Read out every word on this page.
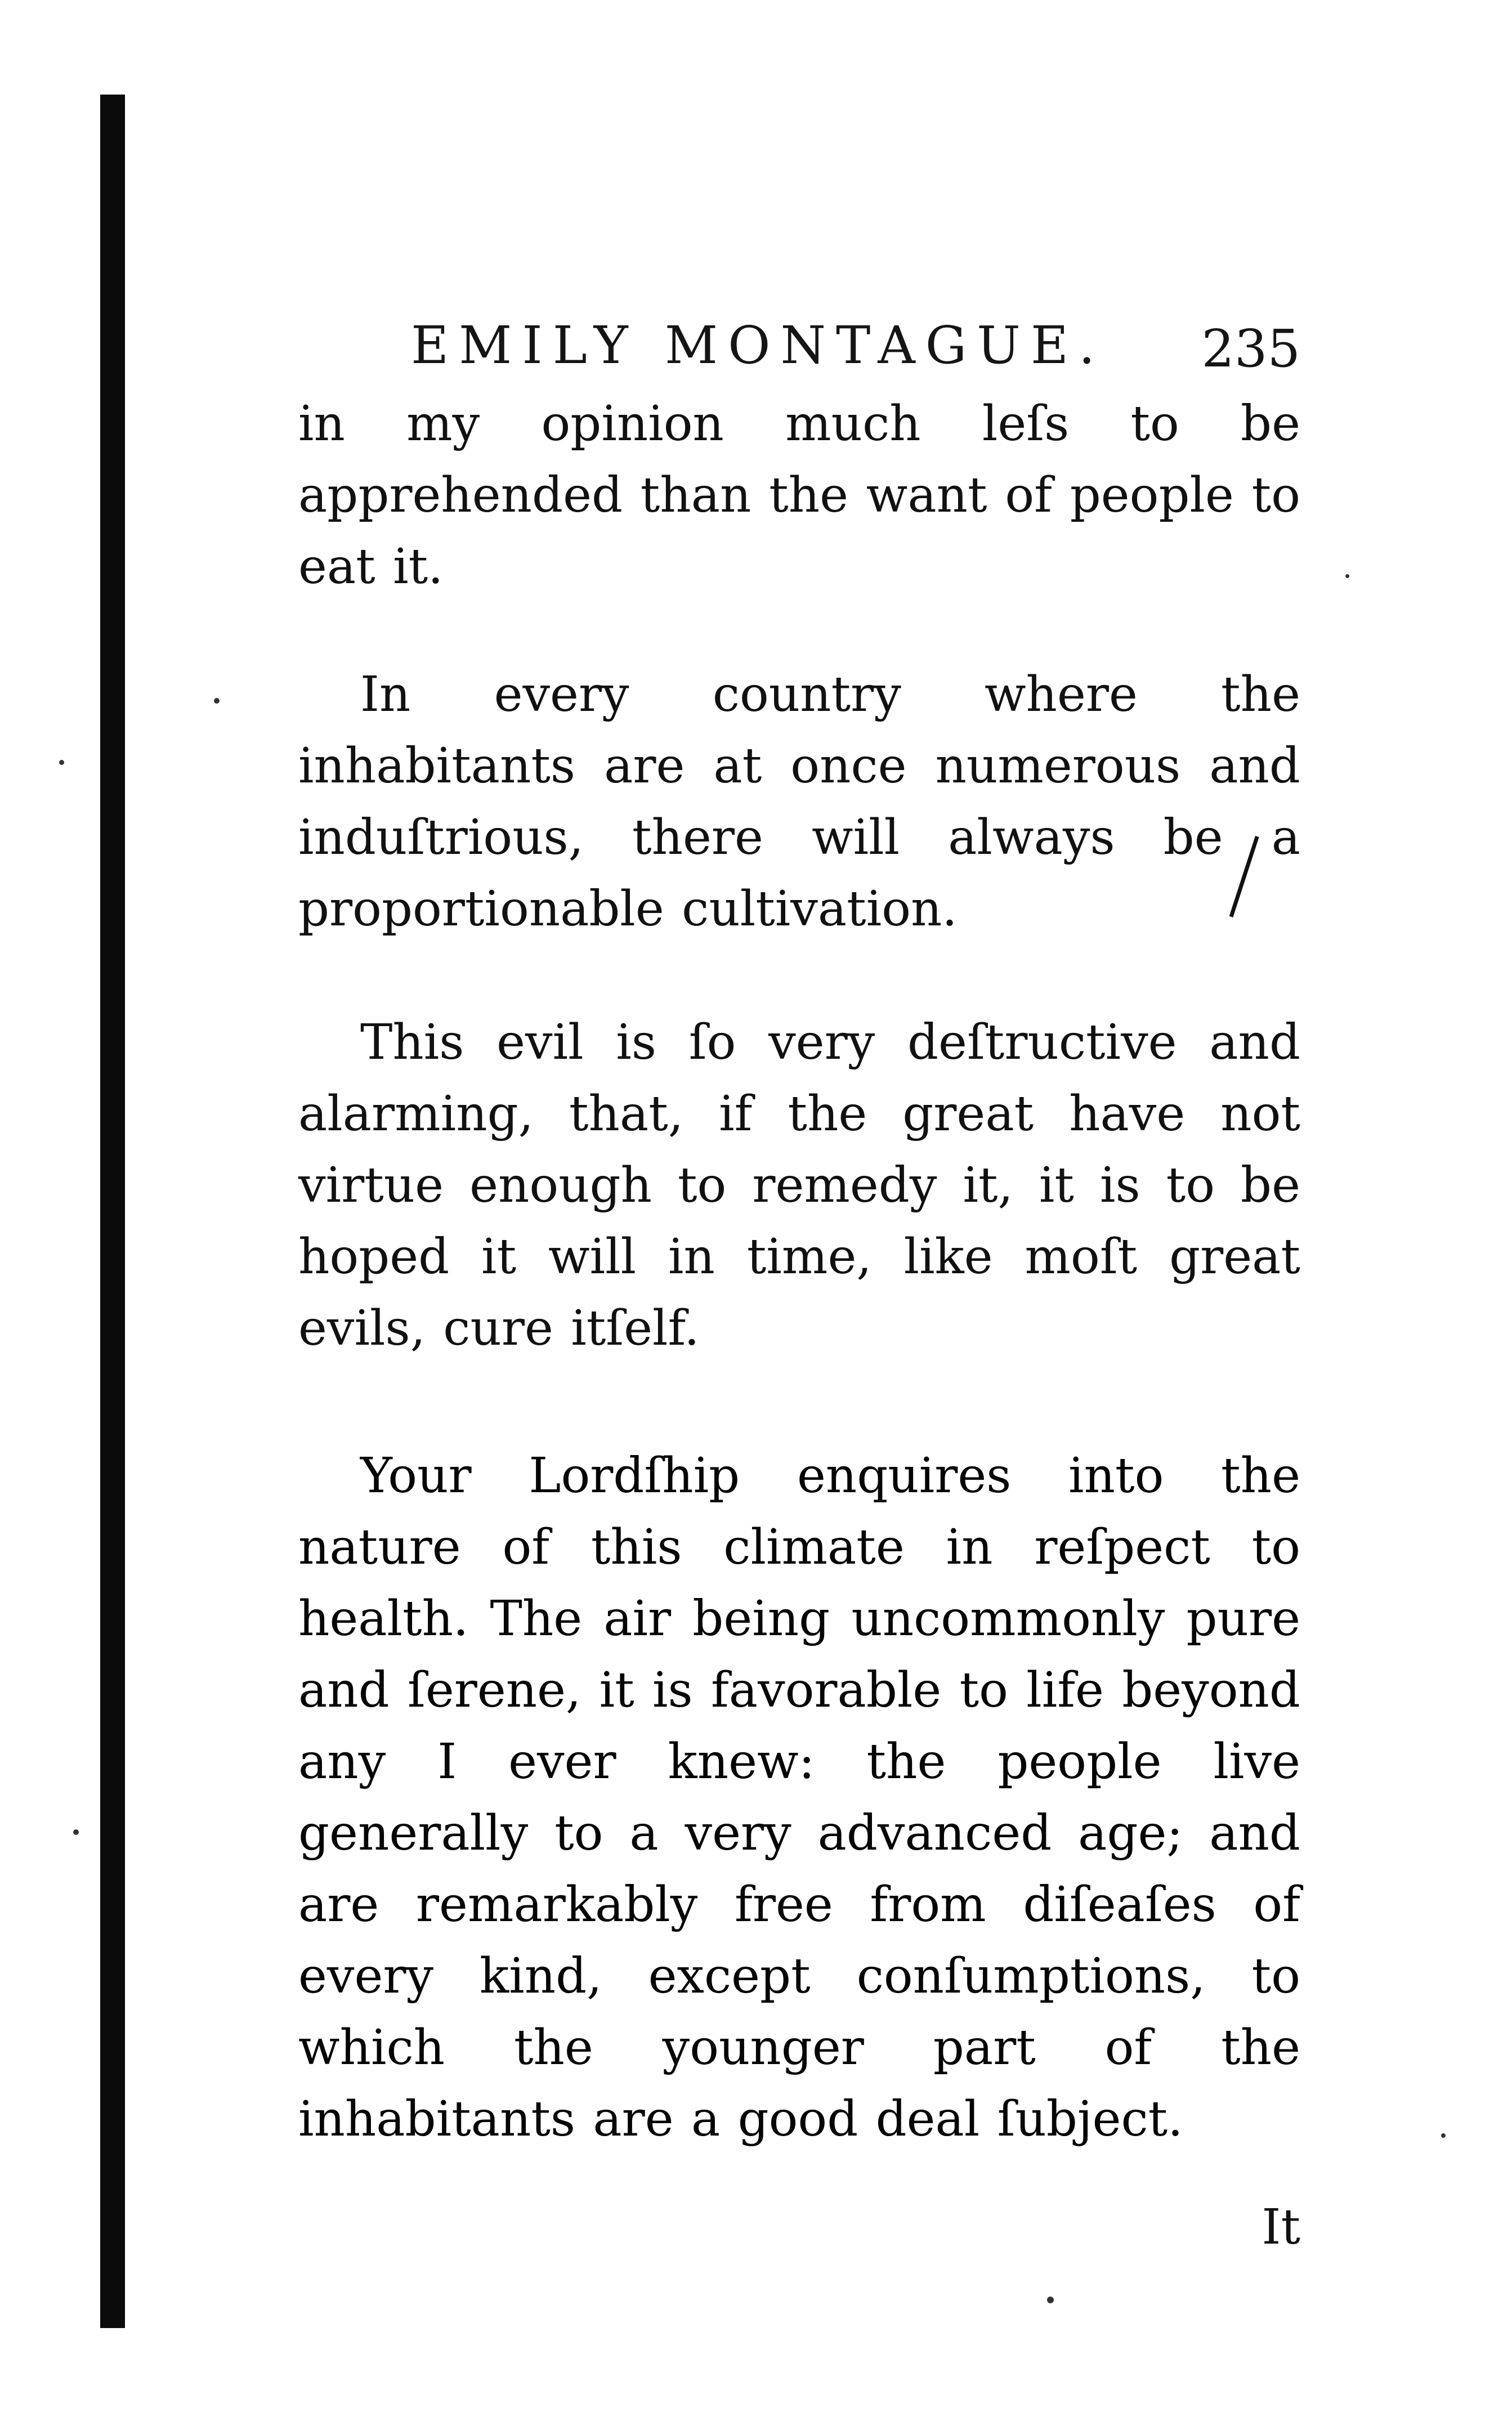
EMILY MONTAGUE. 235

in my opinion much leſs to be apprehended than the want of people to eat it.

In every country where the inhabitants are at once numerous and induſtrious, there will always be a proportionable cultivation.

This evil is ſo very deſtructive and alarming, that, if the great have not virtue enough to remedy it, it is to be hoped it will in time, like moſt great evils, cure itſelf.

Your Lordſhip enquires into the nature of this climate in reſpect to health. The air being uncommonly pure and ſerene, it is favorable to life beyond any I ever knew: the people live generally to a very advanced age; and are remarkably free from diſeaſes of every kind, except conſumptions, to which the younger part of the inhabitants are a good deal ſubject.

It
